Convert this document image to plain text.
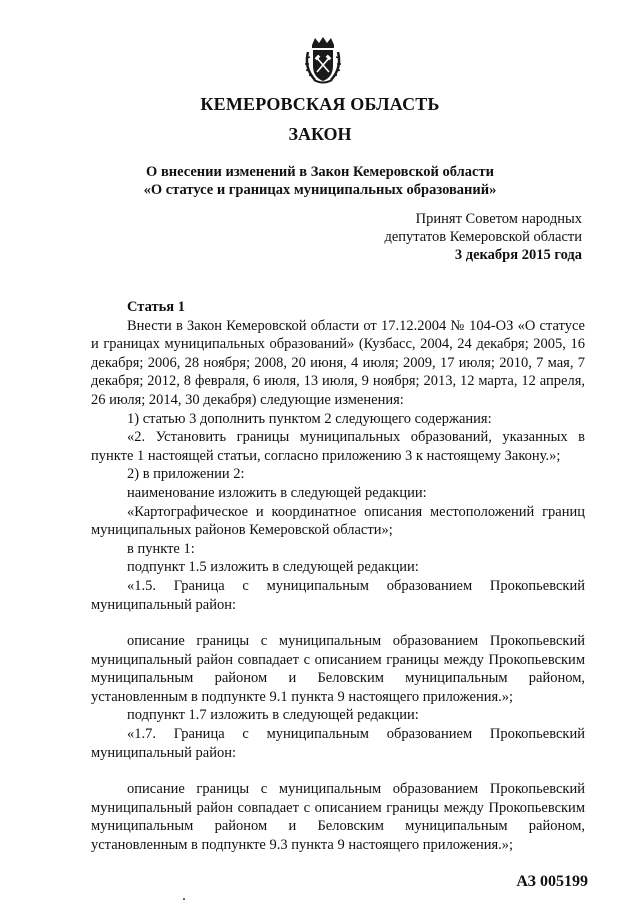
КЕМЕРОВСКАЯ ОБЛАСТЬ
ЗАКОН
О внесении изменений в Закон Кемеровской области
«О статусе и границах муниципальных образований»
Принят Советом народных
депутатов Кемеровской области
3 декабря 2015 года

Статья 1

Внести в Закон Кемеровской области от 17.12.2004 № 104-ОЗ «О статусе и границах муниципальных образований» (Кузбасс, 2004, 24 декабря; 2005, 16 декабря; 2006, 28 ноября; 2008, 20 июня, 4 июля; 2009, 17 июля; 2010, 7 мая, 7 декабря; 2012, 8 февраля, 6 июля, 13 июля, 9 ноября; 2013, 12 марта, 12 апреля, 26 июля; 2014, 30 декабря) следующие изменения:

1) статью 3 дополнить пунктом 2 следующего содержания:

«2. Установить границы муниципальных образований, указанных в пункте 1 настоящей статьи, согласно приложению 3 к настоящему Закону.»;

2) в приложении 2:

наименование изложить в следующей редакции:

«Картографическое и координатное описания местоположений границ муниципальных районов Кемеровской области»;

в пункте 1:

подпункт 1.5 изложить в следующей редакции:

«1.5. Граница с муниципальным образованием Прокопьевский муниципальный район:

описание границы с муниципальным образованием Прокопьевский муниципальный район совпадает с описанием границы между Прокопьевским муниципальным районом и Беловским муниципальным районом, установленным в подпункте 9.1 пункта 9 настоящего приложения.»;

подпункт 1.7 изложить в следующей редакции:

«1.7. Граница с муниципальным образованием Прокопьевский муниципальный район:

описание границы с муниципальным образованием Прокопьевский муниципальный район совпадает с описанием границы между Прокопьевским муниципальным районом и Беловским муниципальным районом, установленным в подпункте 9.3 пункта 9 настоящего приложения.»;

АЗ 005199
